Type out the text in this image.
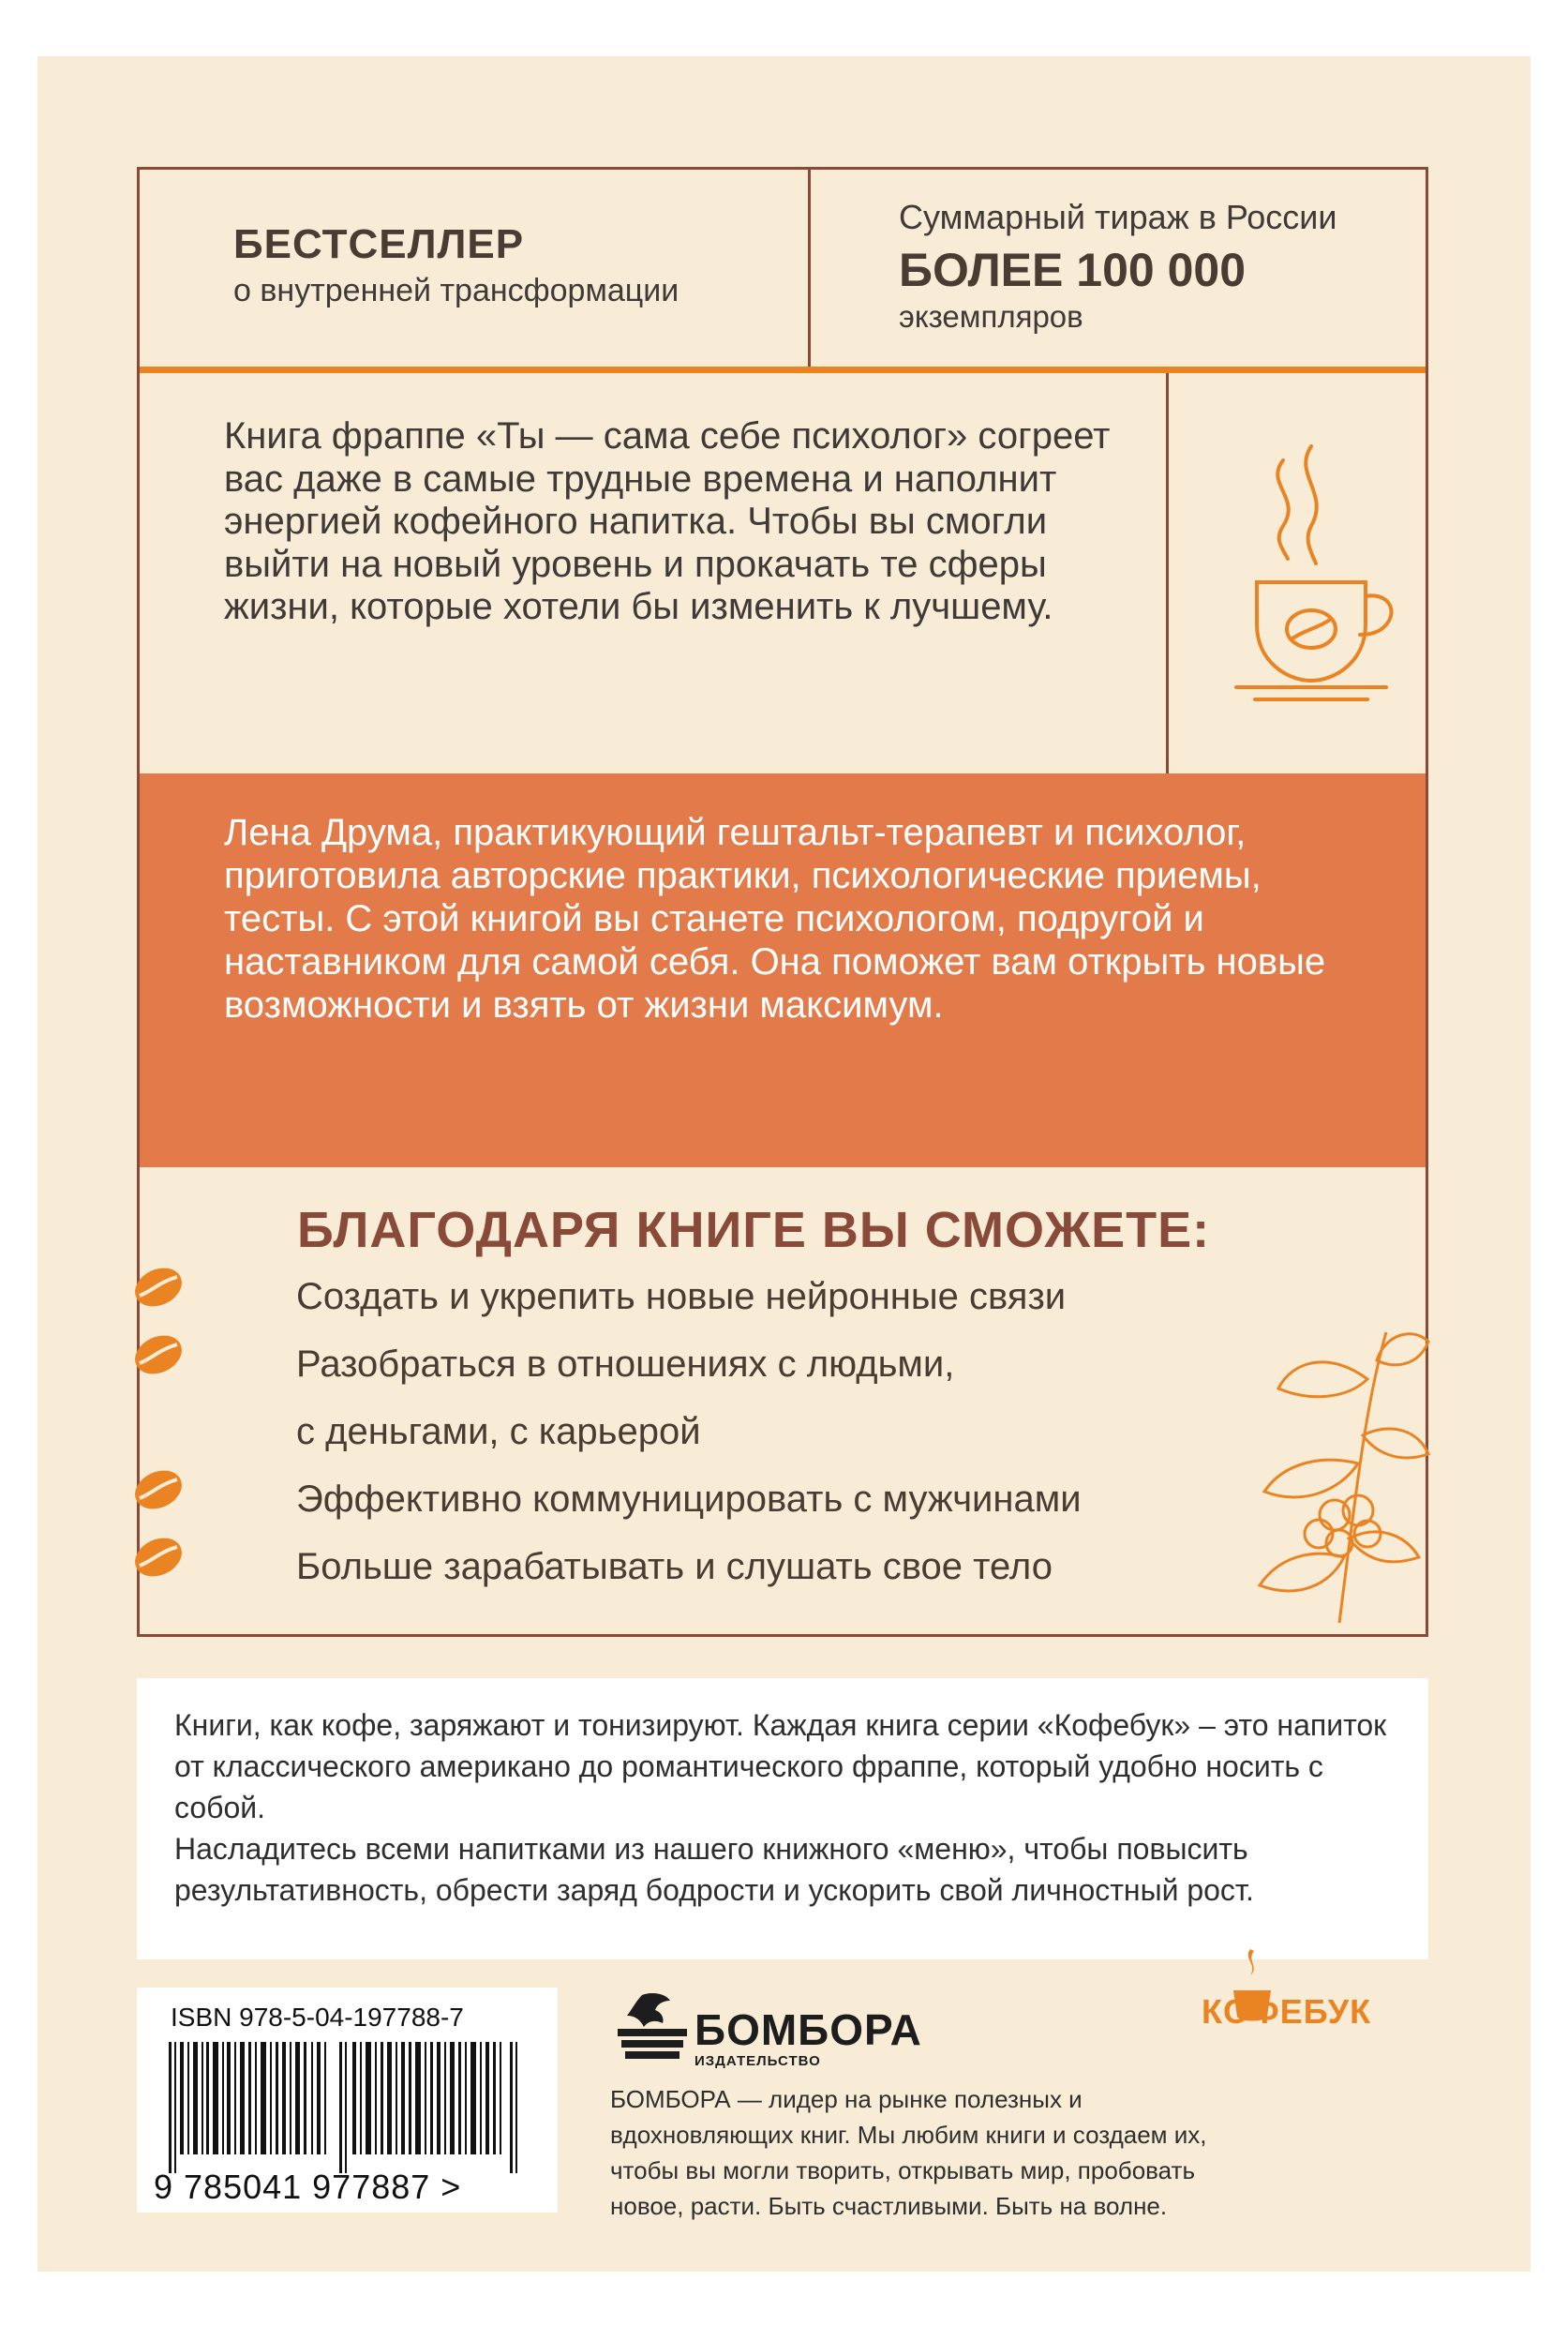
БЕСТСЕЛЛЕР
о внутренней трансформации
Суммарный тираж в России
БОЛЕЕ 100 000
экземпляров
Книга фраппе «Ты — сама себе психолог» согреет вас даже в самые трудные времена и наполнит энергией кофейного напитка. Чтобы вы смогли выйти на новый уровень и прокачать те сферы жизни, которые хотели бы изменить к лучшему.
Лена Друма, практикующий гештальт-терапевт и психолог, приготовила авторские практики, психологические приемы, тесты. С этой книгой вы станете психологом, подругой и наставником для самой себя. Она поможет вам открыть новые возможности и взять от жизни максимум.
БЛАГОДАРЯ КНИГЕ ВЫ СМОЖЕТЕ:
Создать и укрепить новые нейронные связи
Разобраться в отношениях с людьми,
с деньгами, с карьерой
Эффективно коммуницировать с мужчинами
Больше зарабатывать и слушать свое тело
Книги, как кофе, заряжают и тонизируют. Каждая книга серии «Кофебук» – это напиток от классического американо до романтического фраппе, который удобно носить с собой.
Насладитесь всеми напитками из нашего книжного «меню», чтобы повысить результативность, обрести заряд бодрости и ускорить свой личностный рост.
ISBN 978-5-04-197788-7
9 785041 977887 >
БОМБОРА
ИЗДАТЕЛЬСТВО
БОМБОРА — лидер на рынке полезных и вдохновляющих книг. Мы любим книги и создаем их, чтобы вы могли творить, открывать мир, пробовать новое, расти. Быть счастливыми. Быть на волне.
КОФЕБУК
